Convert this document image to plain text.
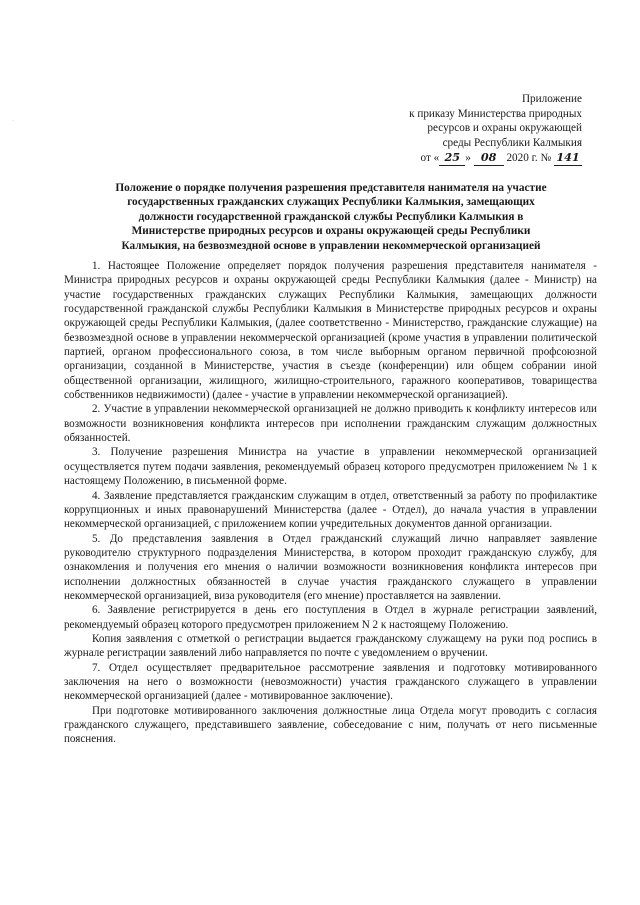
·
Приложение
к приказу Министерства природных
ресурсов и охраны окружающей
среды Республики Калмыкия
от « 25 » 08 2020 г. № 141
Положение о порядке получения разрешения представителя нанимателя на участие
государственных гражданских служащих Республики Калмыкия, замещающих
должности государственной гражданской службы Республики Калмыкия в
Министерстве природных ресурсов и охраны окружающей среды Республики
Калмыкия, на безвозмездной основе в управлении некоммерческой организацией

1. Настоящее Положение определяет порядок получения разрешения представителя нанимателя - Министра природных ресурсов и охраны окружающей среды Республики Калмыкия (далее - Министр) на участие государственных гражданских служащих Республики Калмыкия, замещающих должности государственной гражданской службы Республики Калмыкия в Министерстве природных ресурсов и охраны окружающей среды Республики Калмыкия, (далее соответственно - Министерство, гражданские служащие) на безвозмездной основе в управлении некоммерческой организацией (кроме участия в управлении политической партией, органом профессионального союза, в том числе выборным органом первичной профсоюзной организации, созданной в Министерстве, участия в съезде (конференции) или общем собрании иной общественной организации, жилищного, жилищно-строительного, гаражного кооперативов, товарищества собственников недвижимости) (далее - участие в управлении некоммерческой организацией).

2. Участие в управлении некоммерческой организацией не должно приводить к конфликту интересов или возможности возникновения конфликта интересов при исполнении гражданским служащим должностных обязанностей.

3. Получение разрешения Министра на участие в управлении некоммерческой организацией осуществляется путем подачи заявления, рекомендуемый образец которого предусмотрен приложением № 1 к настоящему Положению, в письменной форме.

4. Заявление представляется гражданским служащим в отдел, ответственный за работу по профилактике коррупционных и иных правонарушений Министерства (далее - Отдел), до начала участия в управлении некоммерческой организацией, с приложением копии учредительных документов данной организации.

5. До представления заявления в Отдел гражданский служащий лично направляет заявление руководителю структурного подразделения Министерства, в котором проходит гражданскую службу, для ознакомления и получения его мнения о наличии возможности возникновения конфликта интересов при исполнении должностных обязанностей в случае участия гражданского служащего в управлении некоммерческой организацией, виза руководителя (его мнение) проставляется на заявлении.

6. Заявление регистрируется в день его поступления в Отдел в журнале регистрации заявлений, рекомендуемый образец которого предусмотрен приложением N 2 к настоящему Положению.

Копия заявления с отметкой о регистрации выдается гражданскому служащему на руки под роспись в журнале регистрации заявлений либо направляется по почте с уведомлением о вручении.

7. Отдел осуществляет предварительное рассмотрение заявления и подготовку мотивированного заключения на него о возможности (невозможности) участия гражданского служащего в управлении некоммерческой организацией (далее - мотивированное заключение).

При подготовке мотивированного заключения должностные лица Отдела могут проводить с согласия гражданского служащего, представившего заявление, собеседование с ним, получать от него письменные пояснения.
